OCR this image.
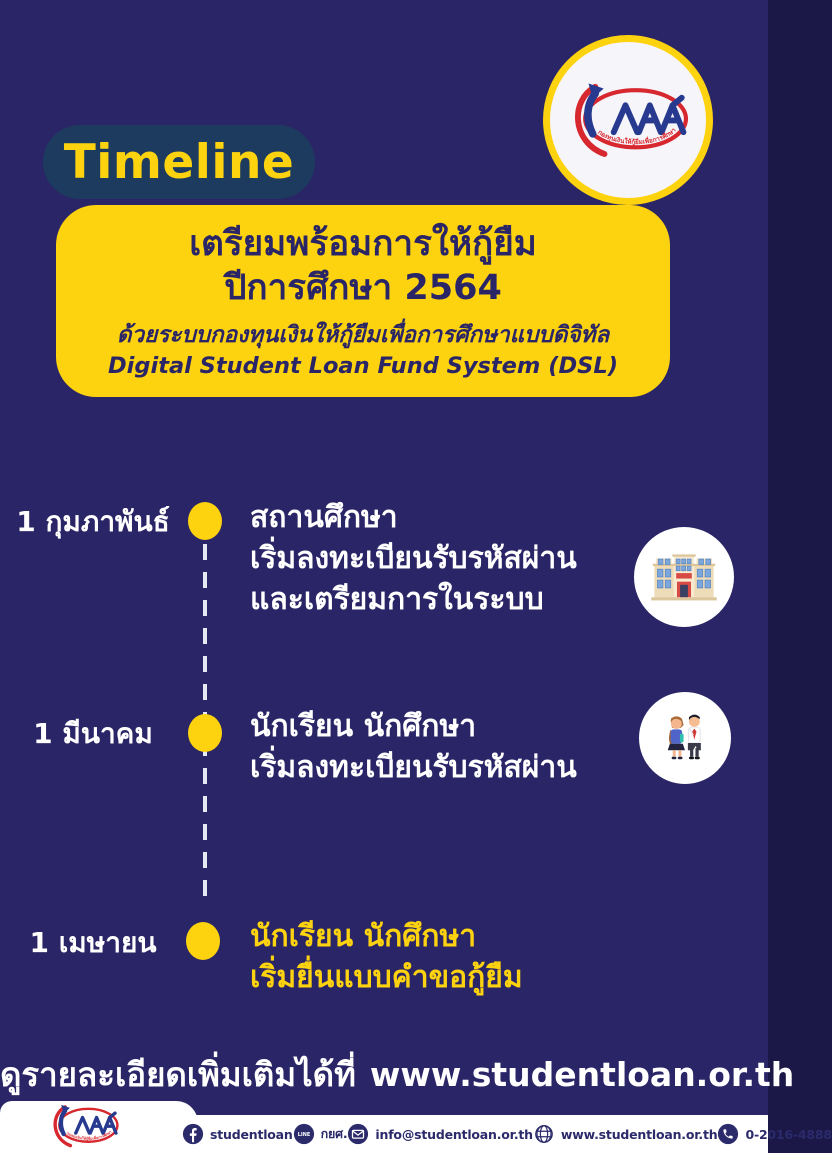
Timeline
เตรียมพร้อมการให้กู้ยืม
ปีการศึกษา 2564
ด้วยระบบกองทุนเงินให้กู้ยืมเพื่อการศึกษาแบบดิจิทัล
Digital Student Loan Fund System (DSL)
1 กุมภาพันธ์	สถานศึกษา
เริ่มลงทะเบียนรับรหัสผ่าน
และเตรียมการในระบบ
1 มีนาคม	นักเรียน นักศึกษา
เริ่มลงทะเบียนรับรหัสผ่าน
1 เมษายน	นักเรียน นักศึกษา
เริ่มยื่นแบบคำขอกู้ยืม
ดูรายละเอียดเพิ่มเติมได้ที่ www.studentloan.or.th
studentloan LINE กยศ. info@studentloan.or.th www.studentloan.or.th 0-2016-4888
